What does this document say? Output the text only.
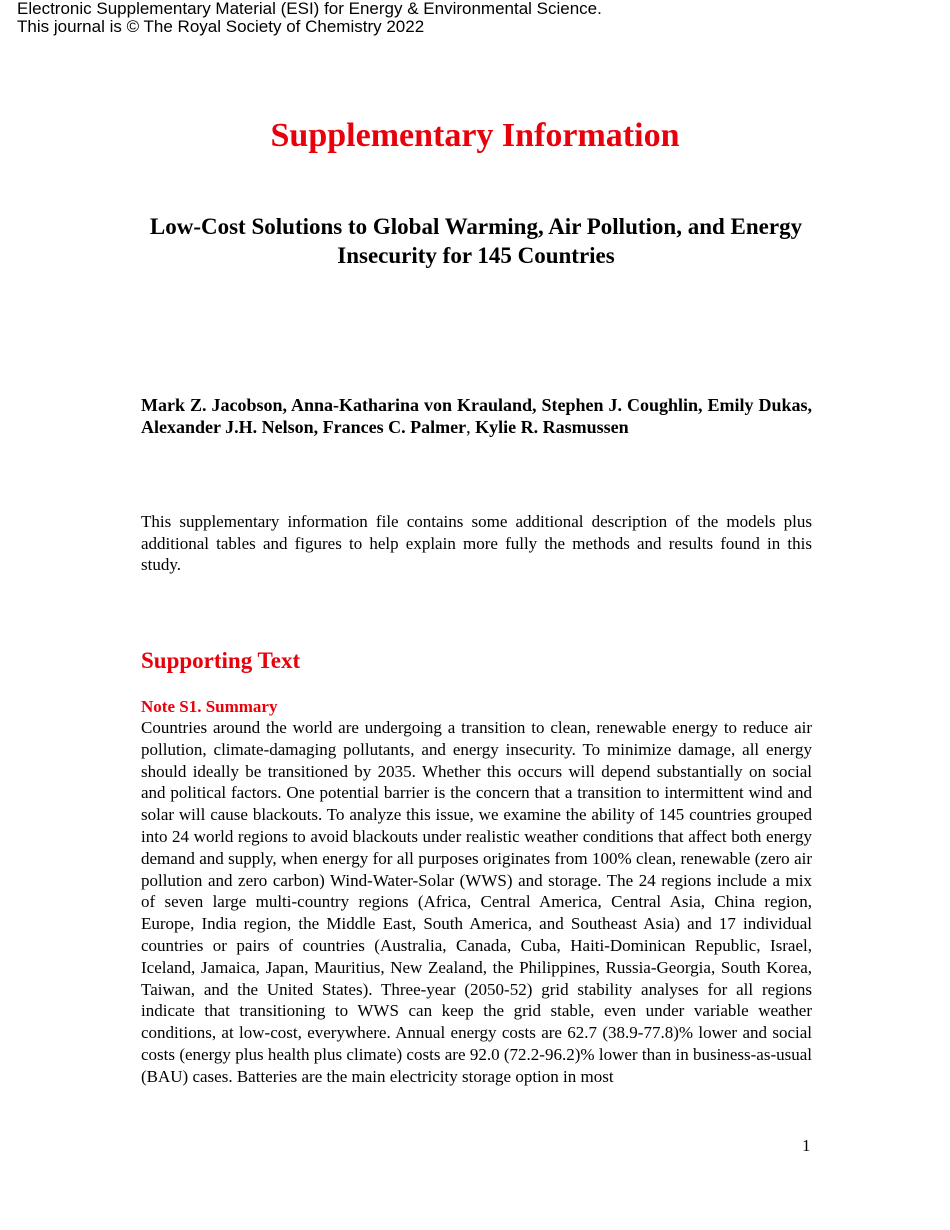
Electronic Supplementary Material (ESI) for Energy & Environmental Science.
This journal is © The Royal Society of Chemistry 2022
Supplementary Information
Low-Cost Solutions to Global Warming, Air Pollution, and Energy Insecurity for 145 Countries

Mark Z. Jacobson, Anna-Katharina von Krauland, Stephen J. Coughlin, Emily Dukas, Alexander J.H. Nelson, Frances C. Palmer, Kylie R. Rasmussen

This supplementary information file contains some additional description of the models plus additional tables and figures to help explain more fully the methods and results found in this study.

Supporting Text
Note S1. Summary

Countries around the world are undergoing a transition to clean, renewable energy to reduce air pollution, climate-damaging pollutants, and energy insecurity. To minimize damage, all energy should ideally be transitioned by 2035. Whether this occurs will depend substantially on social and political factors. One potential barrier is the concern that a transition to intermittent wind and solar will cause blackouts. To analyze this issue, we examine the ability of 145 countries grouped into 24 world regions to avoid blackouts under realistic weather conditions that affect both energy demand and supply, when energy for all purposes originates from 100% clean, renewable (zero air pollution and zero carbon) Wind-Water-Solar (WWS) and storage. The 24 regions include a mix of seven large multi-country regions (Africa, Central America, Central Asia, China region, Europe, India region, the Middle East, South America, and Southeast Asia) and 17 individual countries or pairs of countries (Australia, Canada, Cuba, Haiti-Dominican Republic, Israel, Iceland, Jamaica, Japan, Mauritius, New Zealand, the Philippines, Russia-Georgia, South Korea, Taiwan, and the United States). Three-year (2050-52) grid stability analyses for all regions indicate that transitioning to WWS can keep the grid stable, even under variable weather conditions, at low-cost, everywhere. Annual energy costs are 62.7 (38.9-77.8)% lower and social costs (energy plus health plus climate) costs are 92.0 (72.2-96.2)% lower than in business-as-usual (BAU) cases. Batteries are the main electricity storage option in most

1
